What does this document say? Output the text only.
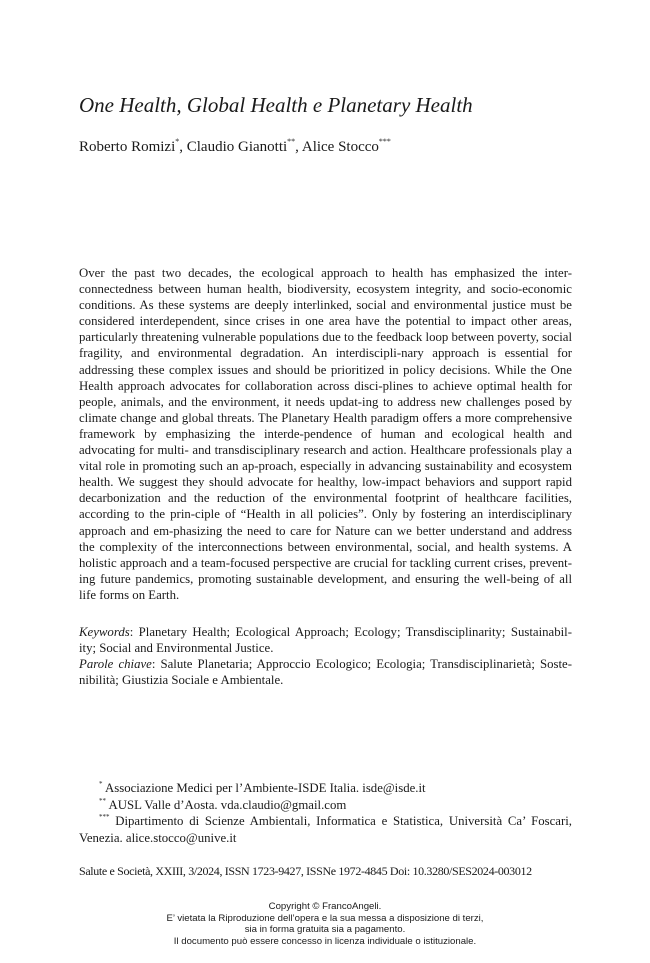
One Health, Global Health e Planetary Health
Roberto Romizi*, Claudio Gianotti**, Alice Stocco***

Over the past two decades, the ecological approach to health has emphasized the inter-connectedness between human health, biodiversity, ecosystem integrity, and socio-economic conditions. As these systems are deeply interlinked, social and environmental justice must be considered interdependent, since crises in one area have the potential to impact other areas, particularly threatening vulnerable populations due to the feedback loop between poverty, social fragility, and environmental degradation. An interdiscipli-nary approach is essential for addressing these complex issues and should be prioritized in policy decisions. While the One Health approach advocates for collaboration across disci-plines to achieve optimal health for people, animals, and the environment, it needs updat-ing to address new challenges posed by climate change and global threats. The Planetary Health paradigm offers a more comprehensive framework by emphasizing the interde-pendence of human and ecological health and advocating for multi- and transdisciplinary research and action. Healthcare professionals play a vital role in promoting such an ap-proach, especially in advancing sustainability and ecosystem health. We suggest they should advocate for healthy, low-impact behaviors and support rapid decarbonization and the reduction of the environmental footprint of healthcare facilities, according to the prin-ciple of “Health in all policies”. Only by fostering an interdisciplinary approach and em-phasizing the need to care for Nature can we better understand and address the complexity of the interconnections between environmental, social, and health systems. A holistic approach and a team-focused perspective are crucial for tackling current crises, prevent-ing future pandemics, promoting sustainable development, and ensuring the well-being of all life forms on Earth.

Keywords: Planetary Health; Ecological Approach; Ecology; Transdisciplinarity; Sustainabil-ity; Social and Environmental Justice.

Parole chiave: Salute Planetaria; Approccio Ecologico; Ecologia; Transdisciplinarietà; Soste-nibilità; Giustizia Sociale e Ambientale.

* Associazione Medici per l’Ambiente-ISDE Italia. isde@isde.it

** AUSL Valle d’Aosta. vda.claudio@gmail.com

*** Dipartimento di Scienze Ambientali, Informatica e Statistica, Università Ca’ Foscari, Venezia. alice.stocco@unive.it

Salute e Società, XXIII, 3/2024, ISSN 1723-9427, ISSNe 1972-4845 Doi: 10.3280/SES2024-003012
Copyright © FrancoAngeli.
E’ vietata la Riproduzione dell’opera e la sua messa a disposizione di terzi,
sia in forma gratuita sia a pagamento.
Il documento può essere concesso in licenza individuale o istituzionale.
